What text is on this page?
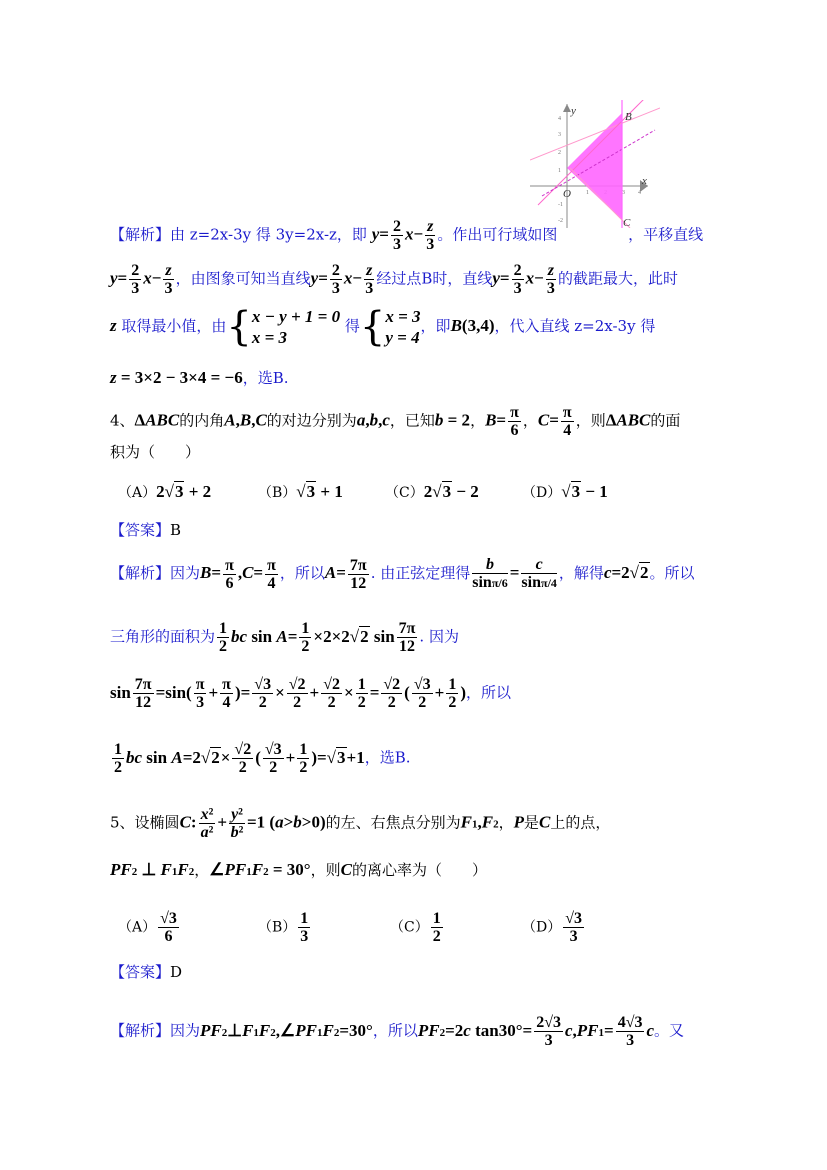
1	3 4
1
2
3
4
-1
-2
y
x
O
B
C
【解析】由 z=2x-3y 得 3y=2x-z，即 $y= \frac{2}{3} x- \frac{z}{3}$ 。作出可行域如图	，平移直线
$y= \frac{2}{3} x- \frac{z}{3}$ ，由图象可知当直线$y= \frac{2}{3} x- \frac{z}{3}$ 经过点B时，直线$y= \frac{2}{3} x- \frac{z}{3}$ 的截距最大，此时
z 取得最小值，由{ x − y + 1 = 0
x = 3
得{ x = 3
y = 4
，即B(3,4)，代入直线 z=2x-3y 得
z = 3×2 − 3×4 = −6，选B.
4、ΔABC的内角A,B,C的对边分别为a,b,c，已知b = 2，$B= \frac{\pi}{6}$ ，$C= \frac{\pi}{4}$ ，则ΔABC的面
积为（　　）
（A）2√3 + 2	（B）√3 + 1	（C）2√3 − 2	（D）√3 − 1
【答案】B
【解析】因为$B= \frac{\pi}{6} ,C= \frac{\pi}{4}$ ，所以$A= \frac{7\pi}{12}$ . 由正弦定理得 $\frac{b}{\sin\pi/6} = \frac{c}{\sin\pi/4}$ ，解得c=2√2。所以
三角形的面积为 $\frac{1}{2}$ bc $\sin A= \frac{1}{2} \times 2\times 2√2$ $\sin \frac{7\pi}{12}$ . 因为
$\sin \frac{7\pi}{12} =\sin( \frac{\pi}{3} + \frac{\pi}{4}$ )= $\frac{√3}{2} \times \frac{√2}{2} + \frac{√2}{2} \times \frac{1}{2} = \frac{√2}{2}$ ( $\frac{√3}{2} + \frac{1}{2}$ )，所以
$\frac{1}{2}$ bc $\sin A=2√2\times \frac{√2}{2}$ ( $\frac{√3}{2} + \frac{1}{2} )=√3+1$，选B.
5、设椭圆C: $\frac{\text{x²}}{\text{a²}} + \frac{\text{y²}}{\text{b²}} =1$ (a>b>0)的左、右焦点分别为F1,F2，P是C上的点，
PF2 ⊥ F1F2，∠PF1F2 = 30°，则C的离心率为（　　）
$(A) \frac{√3}{6}$	$(B) \frac{1}{3}$	$(C) \frac{1}{2}$	$(D) \frac{√3}{3}$
【答案】D
【解析】因为PF2⊥F1F2,∠PF1F2=30°，所以PF2=2c $\tan 30^\circ= \frac{2√3}{3} c,PF1= \frac{4√3}{3}$ c。又
